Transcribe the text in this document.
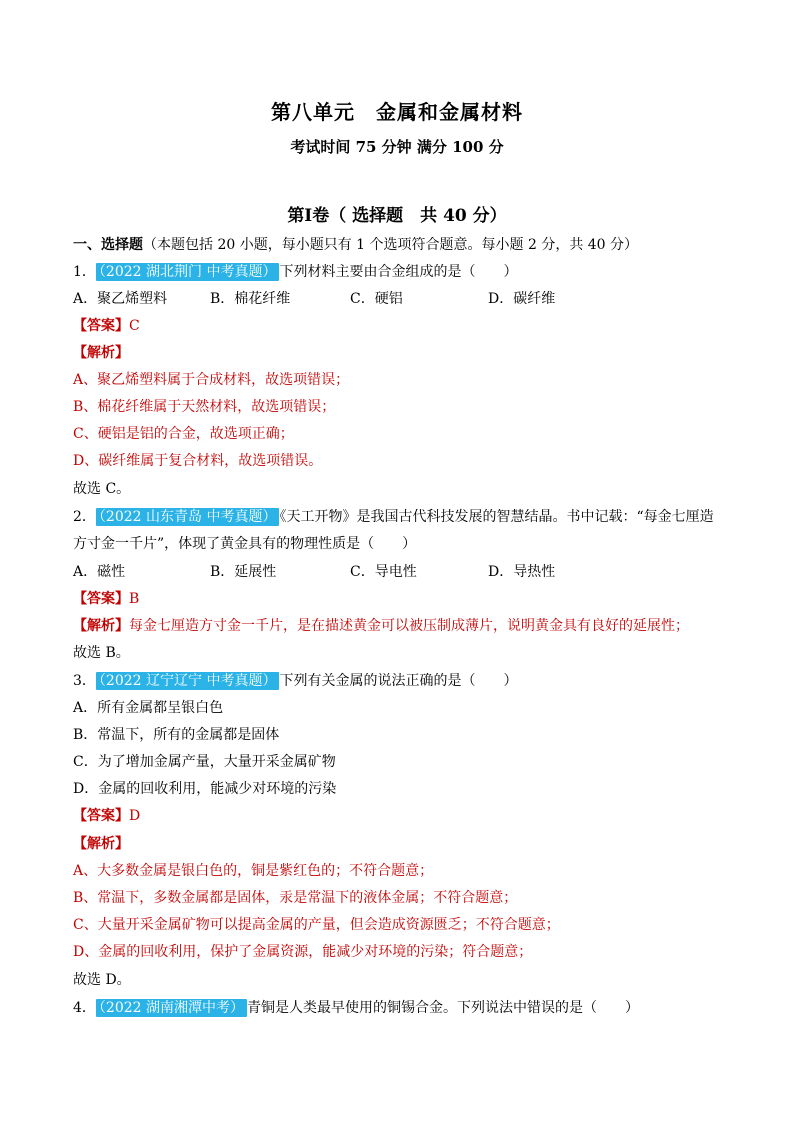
第八单元　金属和金属材料
考试时间 75 分钟 满分 100 分
第Ⅰ卷（ 选择题　共 40 分）
一、选择题（本题包括 20 小题，每小题只有 1 个选项符合题意。每小题 2 分，共 40 分）
1． （2022 湖北荆门 中考真题） 下列材料主要由合金组成的是（　　）
A．聚乙烯塑料	B．棉花纤维	C．硬铝	D．碳纤维
【答案】C
【解析】
A、聚乙烯塑料属于合成材料，故选项错误；
B、棉花纤维属于天然材料，故选项错误；
C、硬铝是铝的合金，故选项正确；
D、碳纤维属于复合材料，故选项错误。
故选 C。
2． （2022 山东青岛 中考真题） 《天工开物》是我国古代科技发展的智慧结晶。书中记载：“每金七厘造
方寸金一千片”，体现了黄金具有的物理性质是（　　）
A．磁性	B．延展性	C．导电性	D．导热性
【答案】B
【解析】每金七厘造方寸金一千片，是在描述黄金可以被压制成薄片，说明黄金具有良好的延展性；
故选 B。
3． （2022 辽宁辽宁 中考真题） 下列有关金属的说法正确的是（　　）
A．所有金属都呈银白色
B．常温下，所有的金属都是固体
C．为了增加金属产量，大量开采金属矿物
D．金属的回收利用，能减少对环境的污染
【答案】D
【解析】
A、大多数金属是银白色的，铜是紫红色的；不符合题意；
B、常温下，多数金属都是固体，汞是常温下的液体金属；不符合题意；
C、大量开采金属矿物可以提高金属的产量，但会造成资源匮乏；不符合题意；
D、金属的回收利用，保护了金属资源，能减少对环境的污染；符合题意；
故选 D。
4． （2022 湖南湘潭中考） 青铜是人类最早使用的铜锡合金。下列说法中错误的是（　　）
